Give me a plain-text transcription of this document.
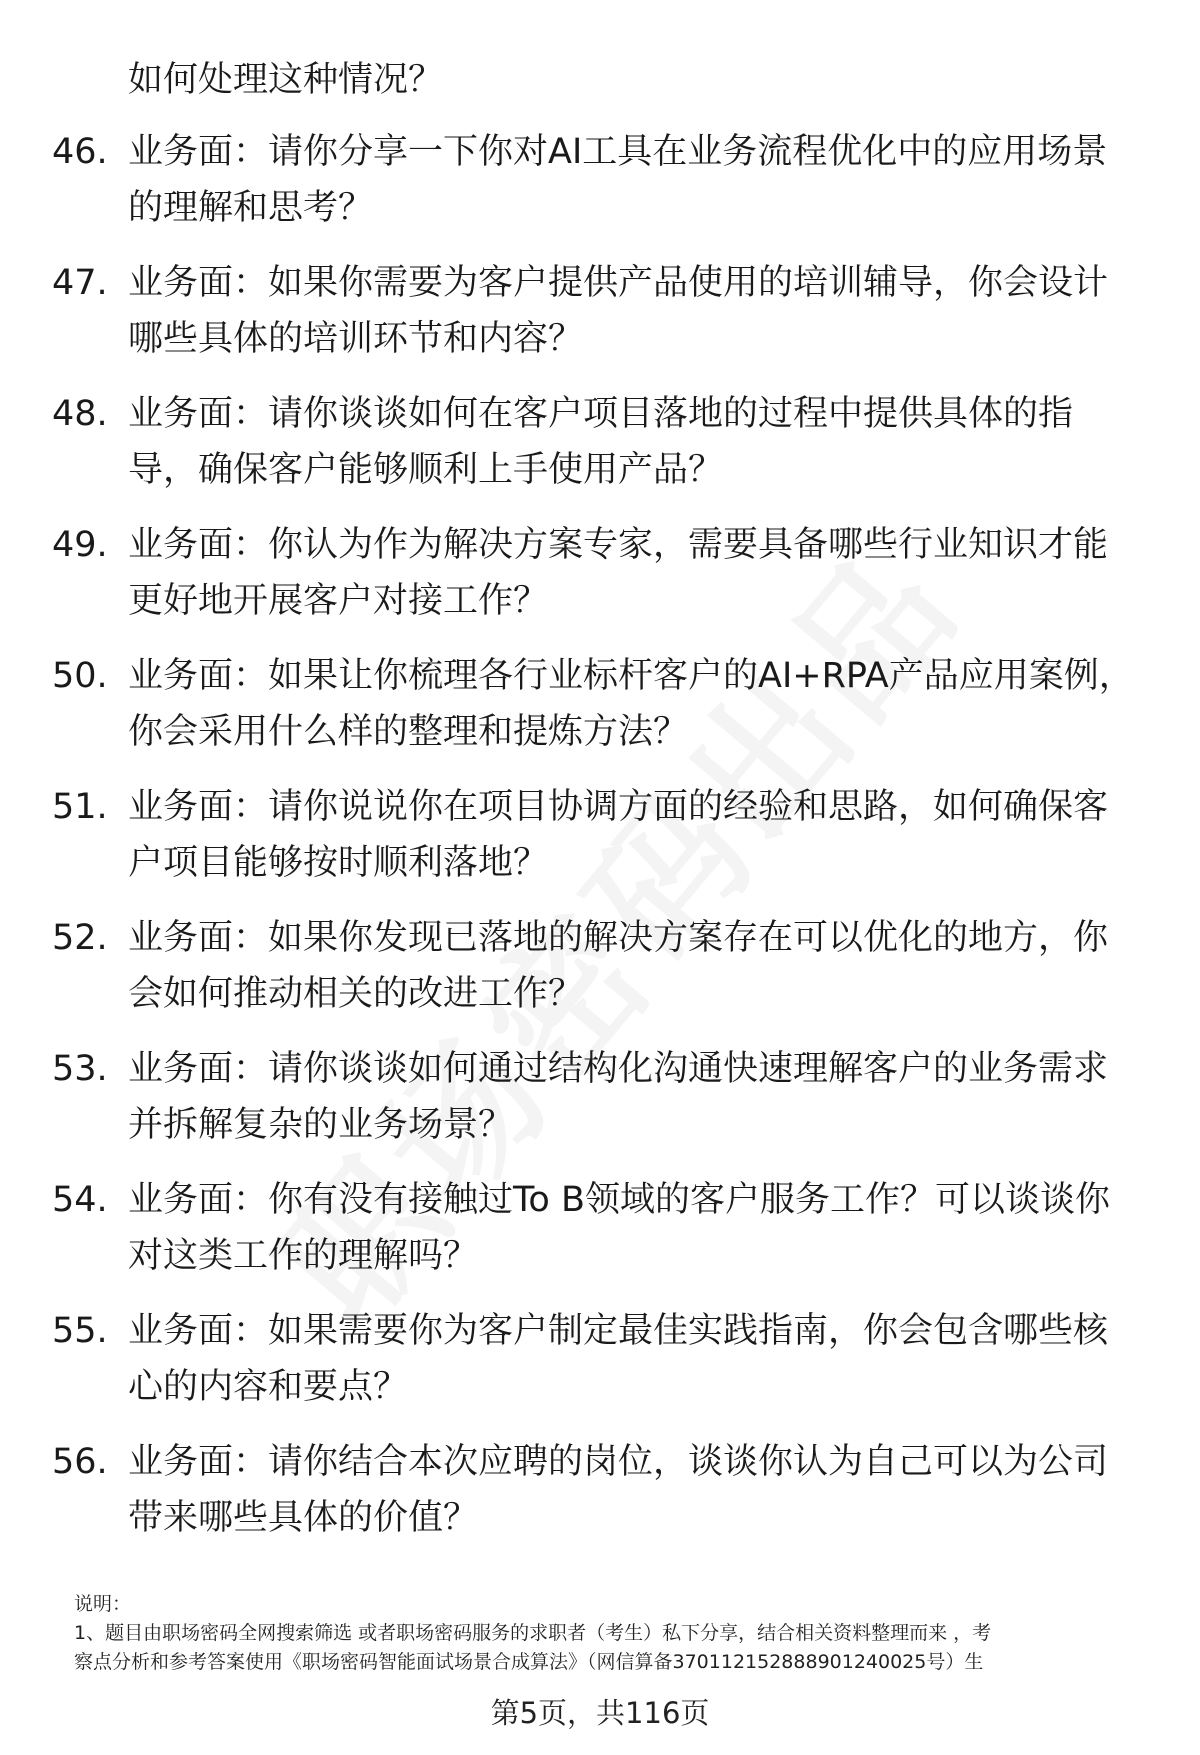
如何处理这种情况？
46. 业务面：请你分享一下你对AI工具在业务流程优化中的应用场景的理解和思考？
47. 业务面：如果你需要为客户提供产品使用的培训辅导，你会设计哪些具体的培训环节和内容？
48. 业务面：请你谈谈如何在客户项目落地的过程中提供具体的指导，确保客户能够顺利上手使用产品？
49. 业务面：你认为作为解决方案专家，需要具备哪些行业知识才能更好地开展客户对接工作？
50. 业务面：如果让你梳理各行业标杆客户的AI+RPA产品应用案例，你会采用什么样的整理和提炼方法？
51. 业务面：请你说说你在项目协调方面的经验和思路，如何确保客户项目能够按时顺利落地？
52. 业务面：如果你发现已落地的解决方案存在可以优化的地方，你会如何推动相关的改进工作？
53. 业务面：请你谈谈如何通过结构化沟通快速理解客户的业务需求并拆解复杂的业务场景？
54. 业务面：你有没有接触过To B领域的客户服务工作？可以谈谈你对这类工作的理解吗？
55. 业务面：如果需要你为客户制定最佳实践指南，你会包含哪些核心的内容和要点？
56. 业务面：请你结合本次应聘的岗位，谈谈你认为自己可以为公司带来哪些具体的价值？

说明：

1、题目由职场密码全网搜索筛选 或者职场密码服务的求职者（考生）私下分享，结合相关资料整理而来 ，考

察点分析和参考答案使用《职场密码智能面试场景合成算法》（网信算备370112152888901240025号）生

第5页，共116页
